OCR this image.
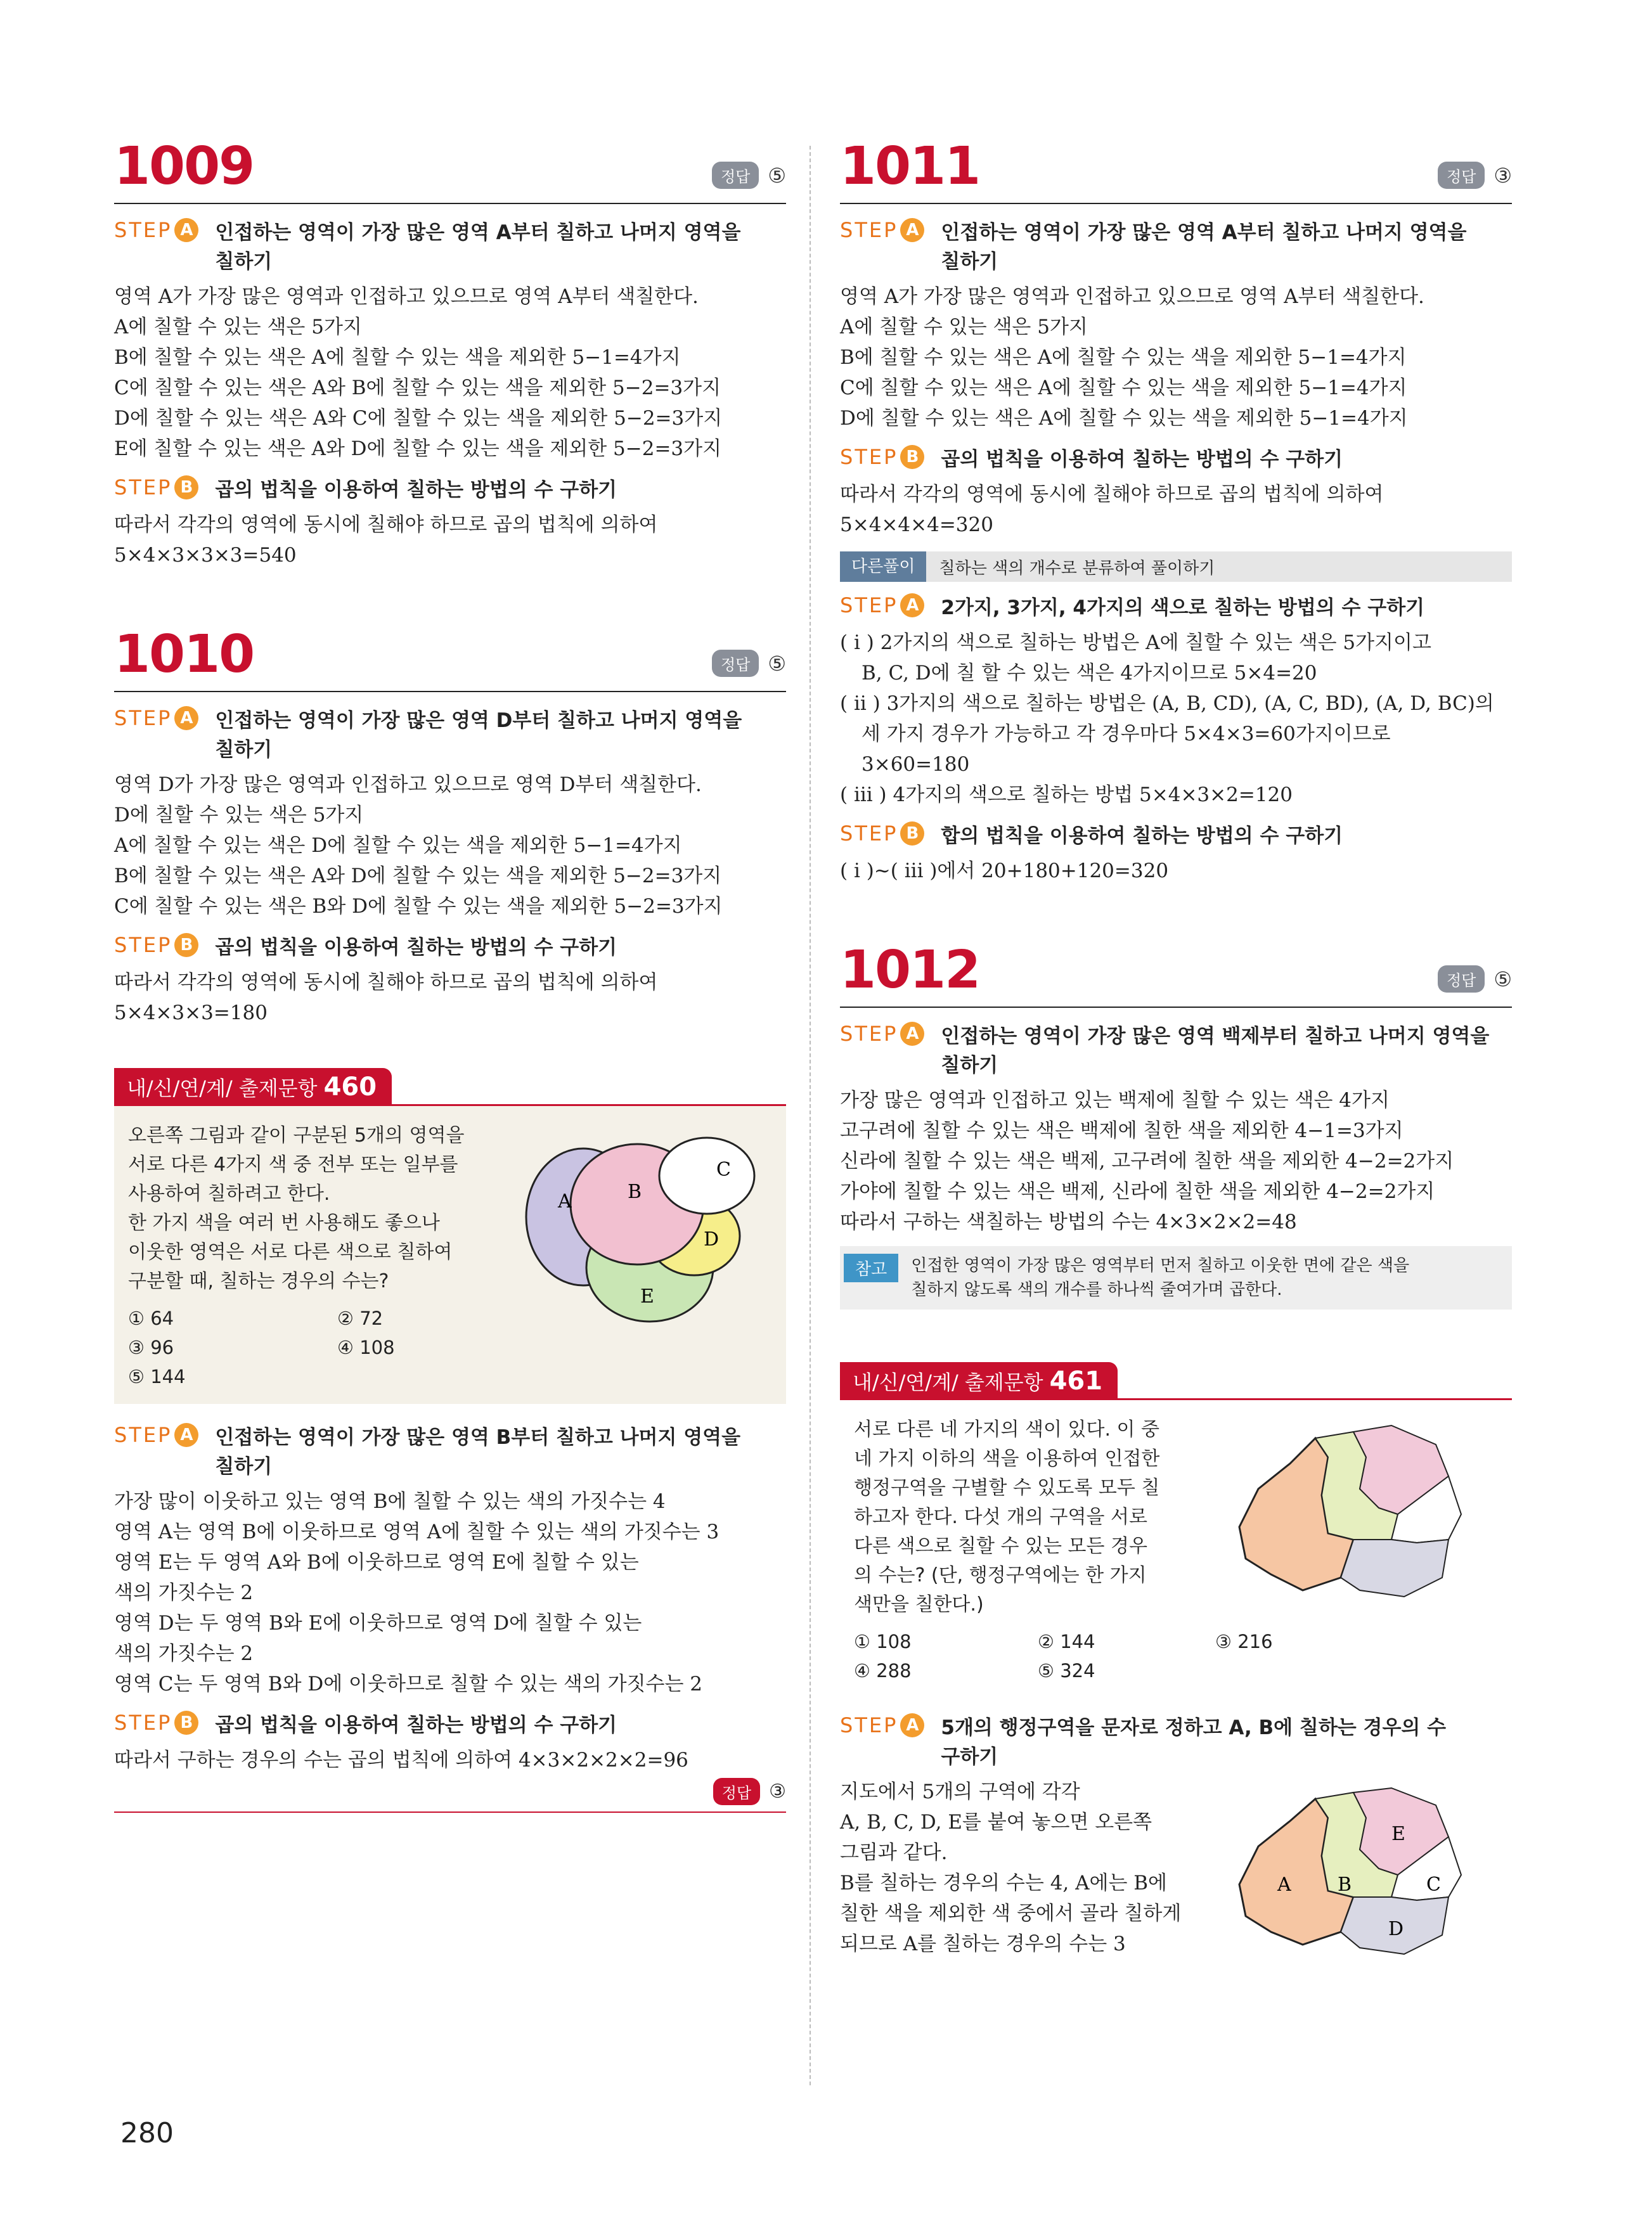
1009	정답 ⑤
STEP A 인접하는 영역이 가장 많은 영역 A부터 칠하고 나머지 영역을
칠하기
영역 A가 가장 많은 영역과 인접하고 있으므로 영역 A부터 색칠한다.
A에 칠할 수 있는 색은 5가지
B에 칠할 수 있는 색은 A에 칠할 수 있는 색을 제외한 5−1=4가지
C에 칠할 수 있는 색은 A와 B에 칠할 수 있는 색을 제외한 5−2=3가지
D에 칠할 수 있는 색은 A와 C에 칠할 수 있는 색을 제외한 5−2=3가지
E에 칠할 수 있는 색은 A와 D에 칠할 수 있는 색을 제외한 5−2=3가지
STEP B 곱의 법칙을 이용하여 칠하는 방법의 수 구하기
따라서 각각의 영역에 동시에 칠해야 하므로 곱의 법칙에 의하여
5×4×3×3×3=540
1010	정답 ⑤
STEP A 인접하는 영역이 가장 많은 영역 D부터 칠하고 나머지 영역을
칠하기
영역 D가 가장 많은 영역과 인접하고 있으므로 영역 D부터 색칠한다.
D에 칠할 수 있는 색은 5가지
A에 칠할 수 있는 색은 D에 칠할 수 있는 색을 제외한 5−1=4가지
B에 칠할 수 있는 색은 A와 D에 칠할 수 있는 색을 제외한 5−2=3가지
C에 칠할 수 있는 색은 B와 D에 칠할 수 있는 색을 제외한 5−2=3가지
STEP B 곱의 법칙을 이용하여 칠하는 방법의 수 구하기
따라서 각각의 영역에 동시에 칠해야 하므로 곱의 법칙에 의하여
5×4×3×3=180
내/신/연/계/ 출제문항 460
오른쪽 그림과 같이 구분된 5개의 영역을
서로 다른 4가지 색 중 전부 또는 일부를
사용하여 칠하려고 한다.
한 가지 색을 여러 번 사용해도 좋으나
이웃한 영역은 서로 다른 색으로 칠하여
구분할 때, 칠하는 경우의 수는?
① 64	② 72
③ 96	④ 108
⑤ 144
A	B
C
D
E
STEP A 인접하는 영역이 가장 많은 영역 B부터 칠하고 나머지 영역을
칠하기
가장 많이 이웃하고 있는 영역 B에 칠할 수 있는 색의 가짓수는 4
영역 A는 영역 B에 이웃하므로 영역 A에 칠할 수 있는 색의 가짓수는 3
영역 E는 두 영역 A와 B에 이웃하므로 영역 E에 칠할 수 있는
색의 가짓수는 2
영역 D는 두 영역 B와 E에 이웃하므로 영역 D에 칠할 수 있는
색의 가짓수는 2
영역 C는 두 영역 B와 D에 이웃하므로 칠할 수 있는 색의 가짓수는 2
STEP B 곱의 법칙을 이용하여 칠하는 방법의 수 구하기
따라서 구하는 경우의 수는 곱의 법칙에 의하여 4×3×2×2×2=96
정답 ③
1011	정답 ③
STEP A 인접하는 영역이 가장 많은 영역 A부터 칠하고 나머지 영역을
칠하기
영역 A가 가장 많은 영역과 인접하고 있으므로 영역 A부터 색칠한다.
A에 칠할 수 있는 색은 5가지
B에 칠할 수 있는 색은 A에 칠할 수 있는 색을 제외한 5−1=4가지
C에 칠할 수 있는 색은 A에 칠할 수 있는 색을 제외한 5−1=4가지
D에 칠할 수 있는 색은 A에 칠할 수 있는 색을 제외한 5−1=4가지
STEP B 곱의 법칙을 이용하여 칠하는 방법의 수 구하기
따라서 각각의 영역에 동시에 칠해야 하므로 곱의 법칙에 의하여
5×4×4×4=320
다른풀이	칠하는 색의 개수로 분류하여 풀이하기
STEP A 2가지, 3가지, 4가지의 색으로 칠하는 방법의 수 구하기
( i ) 2가지의 색으로 칠하는 방법은 A에 칠할 수 있는 색은 5가지이고
B, C, D에 칠 할 수 있는 색은 4가지이므로 5×4=20
( ii ) 3가지의 색으로 칠하는 방법은 (A, B, CD), (A, C, BD), (A, D, BC)의
세 가지 경우가 가능하고 각 경우마다 5×4×3=60가지이므로
3×60=180
( iii ) 4가지의 색으로 칠하는 방법 5×4×3×2=120
STEP B 합의 법칙을 이용하여 칠하는 방법의 수 구하기
( i )~( iii )에서 20+180+120=320
1012	정답 ⑤
STEP A 인접하는 영역이 가장 많은 영역 백제부터 칠하고 나머지 영역을
칠하기
가장 많은 영역과 인접하고 있는 백제에 칠할 수 있는 색은 4가지
고구려에 칠할 수 있는 색은 백제에 칠한 색을 제외한 4−1=3가지
신라에 칠할 수 있는 색은 백제, 고구려에 칠한 색을 제외한 4−2=2가지
가야에 칠할 수 있는 색은 백제, 신라에 칠한 색을 제외한 4−2=2가지
따라서 구하는 색칠하는 방법의 수는 4×3×2×2=48
참고	인접한 영역이 가장 많은 영역부터 먼저 칠하고 이웃한 면에 같은 색을
칠하지 않도록 색의 개수를 하나씩 줄여가며 곱한다.
내/신/연/계/ 출제문항 461
서로 다른 네 가지의 색이 있다. 이 중
네 가지 이하의 색을 이용하여 인접한
행정구역을 구별할 수 있도록 모두 칠
하고자 한다. 다섯 개의 구역을 서로
다른 색으로 칠할 수 있는 모든 경우
의 수는? (단, 행정구역에는 한 가지
색만을 칠한다.)
① 108	② 144	③ 216
④ 288	⑤ 324
STEP A 5개의 행정구역을 문자로 정하고 A, B에 칠하는 경우의 수
구하기
지도에서 5개의 구역에 각각
A, B, C, D, E를 붙여 놓으면 오른쪽
그림과 같다.
B를 칠하는 경우의 수는 4, A에는 B에
칠한 색을 제외한 색 중에서 골라 칠하게
되므로 A를 칠하는 경우의 수는 3
A B	C
D
E
280
